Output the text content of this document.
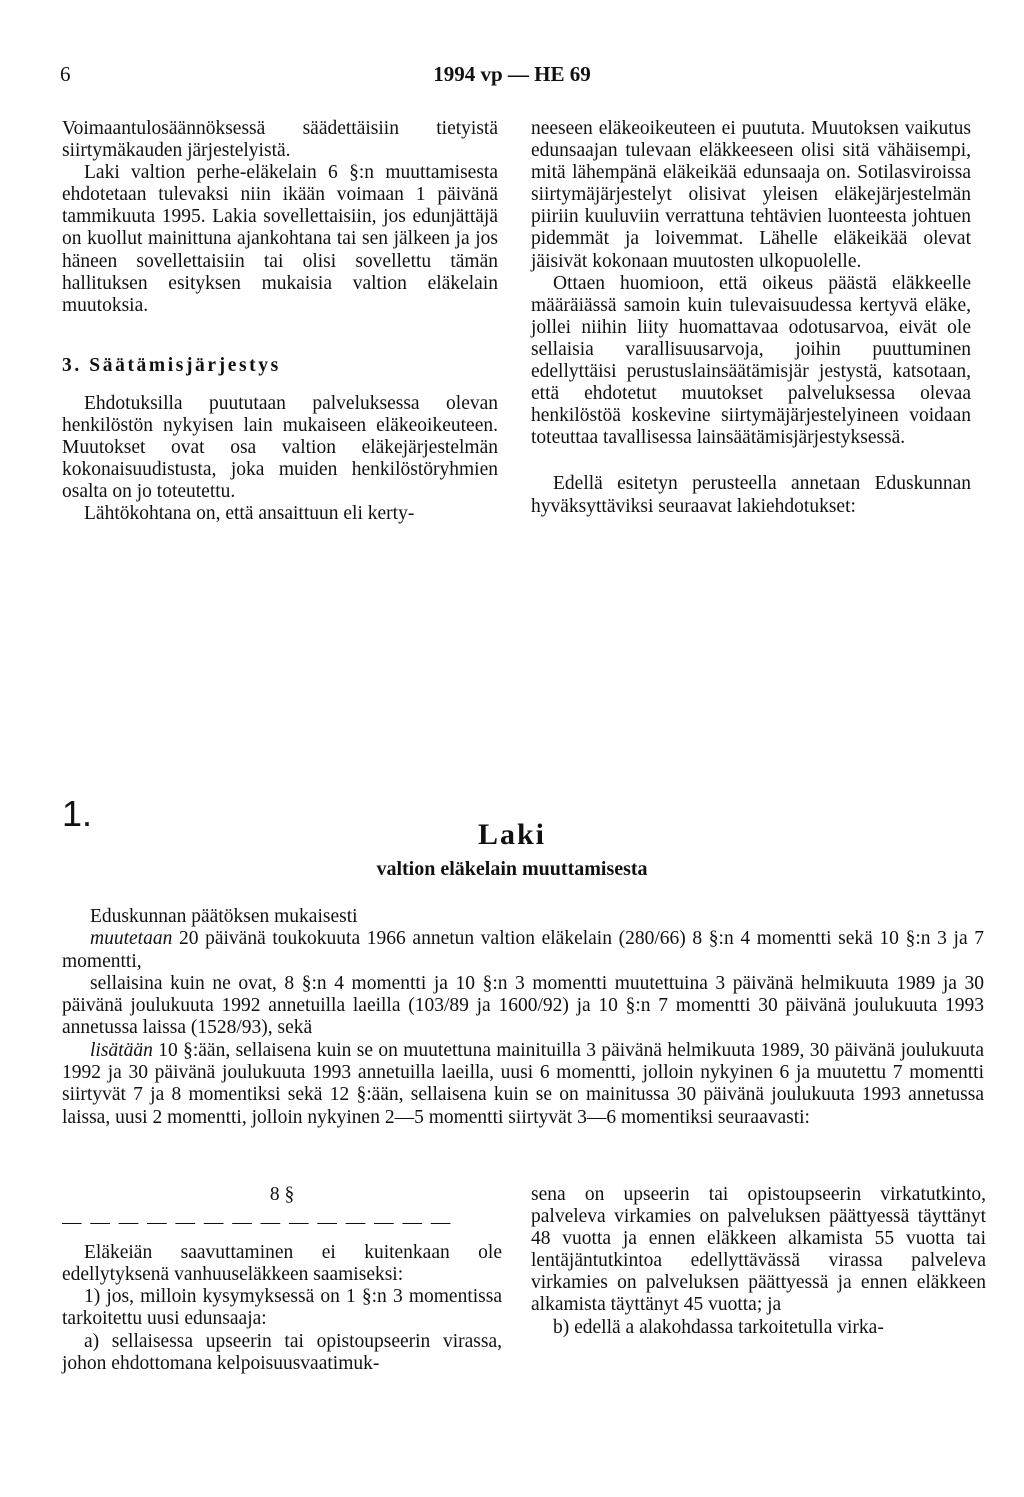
6	1994 vp — HE 69

Voimaantulosäännöksessä säädettäisiin tietyistä siirtymäkauden järjestelyistä.

Laki valtion perhe-eläkelain 6 §:n muuttamisesta ehdotetaan tulevaksi niin ikään voimaan 1 päivänä tammikuuta 1995. Lakia sovellettaisiin, jos edunjättäjä on kuollut mainittuna ajankohtana tai sen jälkeen ja jos häneen sovellettaisiin tai olisi sovellettu tämän hallituksen esityksen mukaisia valtion eläkelain muutoksia.

3. Säätämisjärjestys

Ehdotuksilla puututaan palveluksessa olevan henkilöstön nykyisen lain mukaiseen eläkeoikeuteen. Muutokset ovat osa valtion eläkejärjestelmän kokonaisuudistusta, joka muiden henkilöstöryhmien osalta on jo toteutettu.

Lähtökohtana on, että ansaittuun eli kerty-

neeseen eläkeoikeuteen ei puututa. Muutoksen vaikutus edunsaajan tulevaan eläkkeeseen olisi sitä vähäisempi, mitä lähempänä eläkeikää edunsaaja on. Sotilasviroissa siirtymäjärjestelyt olisivat yleisen eläkejärjestelmän piiriin kuuluviin verrattuna tehtävien luonteesta johtuen pidemmät ja loivemmat. Lähelle eläkeikää olevat jäisivät kokonaan muutosten ulkopuolelle.

Ottaen huomioon, että oikeus päästä eläkkeelle määräiässä samoin kuin tulevaisuudessa kertyvä eläke, jollei niihin liity huomattavaa odotusarvoa, eivät ole sellaisia varallisuusarvoja, joihin puuttuminen edellyttäisi perustuslainsäätämisjär jestystä, katsotaan, että ehdotetut muutokset palveluksessa olevaa henkilöstöä koskevine siirtymäjärjestelyineen voidaan toteuttaa tavallisessa lainsäätämisjärjestyksessä.

Edellä esitetyn perusteella annetaan Eduskunnan hyväksyttäviksi seuraavat lakiehdotukset:

1.
Laki
valtion eläkelain muuttamisesta

Eduskunnan päätöksen mukaisesti

muutetaan 20 päivänä toukokuuta 1966 annetun valtion eläkelain (280/66) 8 §:n 4 momentti sekä 10 §:n 3 ja 7 momentti,

sellaisina kuin ne ovat, 8 §:n 4 momentti ja 10 §:n 3 momentti muutettuina 3 päivänä helmikuuta 1989 ja 30 päivänä joulukuuta 1992 annetuilla laeilla (103/89 ja 1600/92) ja 10 §:n 7 momentti 30 päivänä joulukuuta 1993 annetussa laissa (1528/93), sekä

lisätään 10 §:ään, sellaisena kuin se on muutettuna mainituilla 3 päivänä helmikuuta 1989, 30 päivänä joulukuuta 1992 ja 30 päivänä joulukuuta 1993 annetuilla laeilla, uusi 6 momentti, jolloin nykyinen 6 ja muutettu 7 momentti siirtyvät 7 ja 8 momentiksi sekä 12 §:ään, sellaisena kuin se on mainitussa 30 päivänä joulukuuta 1993 annetussa laissa, uusi 2 momentti, jolloin nykyinen 2—5 momentti siirtyvät 3—6 momentiksi seuraavasti:

8 §

— — — — — — — — — — — — — —

Eläkeiän saavuttaminen ei kuitenkaan ole edellytyksenä vanhuuseläkkeen saamiseksi:

1) jos, milloin kysymyksessä on 1 §:n 3 momentissa tarkoitettu uusi edunsaaja:

a) sellaisessa upseerin tai opistoupseerin virassa, johon ehdottomana kelpoisuusvaatimuk-

sena on upseerin tai opistoupseerin virkatutkinto, palveleva virkamies on palveluksen päättyessä täyttänyt 48 vuotta ja ennen eläkkeen alkamista 55 vuotta tai lentäjäntutkintoa edellyttävässä virassa palveleva virkamies on palveluksen päättyessä ja ennen eläkkeen alkamista täyttänyt 45 vuotta; ja

b) edellä a alakohdassa tarkoitetulla virka-
